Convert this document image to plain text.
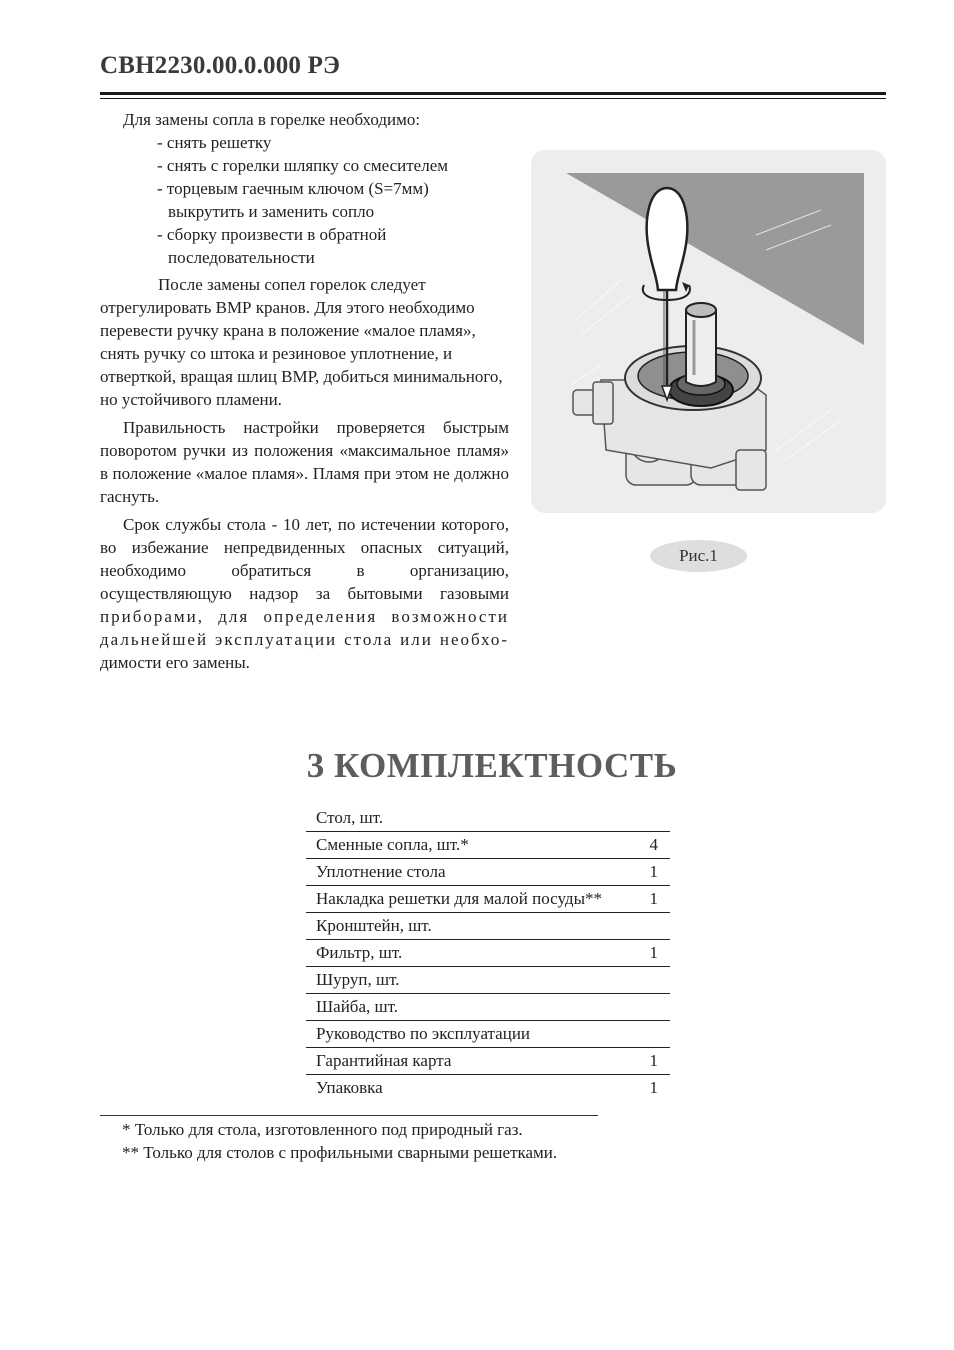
СВН2230.00.0.000 РЭ

Для замены сопла в горелке необходимо:

- снять решетку
- снять с горелки шляпку со смесителем
- торцевым гаечным ключом (S=7мм) выкрутить и заменить сопло
- сборку произвести в обратной последовательности

После замены сопел горелок следует отрегулировать ВМР кранов. Для этого необходимо перевести ручку крана в положение «малое пламя», снять ручку со штока и резиновое уплотнение, и отверткой, вращая шлиц ВМР, добиться минимального, но устойчивого пламени.

Правильность настройки проверяется быстрым поворотом ручки из положения «максимальное пламя» в положение «малое пламя». Пламя при этом не должно гаснуть.

Срок службы стола - 10 лет, по истечении которого, во избежание непредвиденных опасных ситуаций, необходимо обратиться в организацию, осуществляющую надзор за бытовыми газовыми приборами, для определения возможности дальнейшей эксплуатации стола или необхо- димости его замены.

Рис.1
3 КОМПЛЕКТНОСТЬ
Стол, шт.	
Сменные сопла, шт.*	4
Уплотнение стола	1
Накладка решетки для малой посуды**	1
Кронштейн, шт.	
Фильтр, шт.	1
Шуруп, шт.	
Шайба, шт.	
Руководство по эксплуатации	
Гарантийная карта	1
Упаковка	1
* Только для стола, изготовленного под природный газ.
** Только для столов с профильными сварными решетками.
